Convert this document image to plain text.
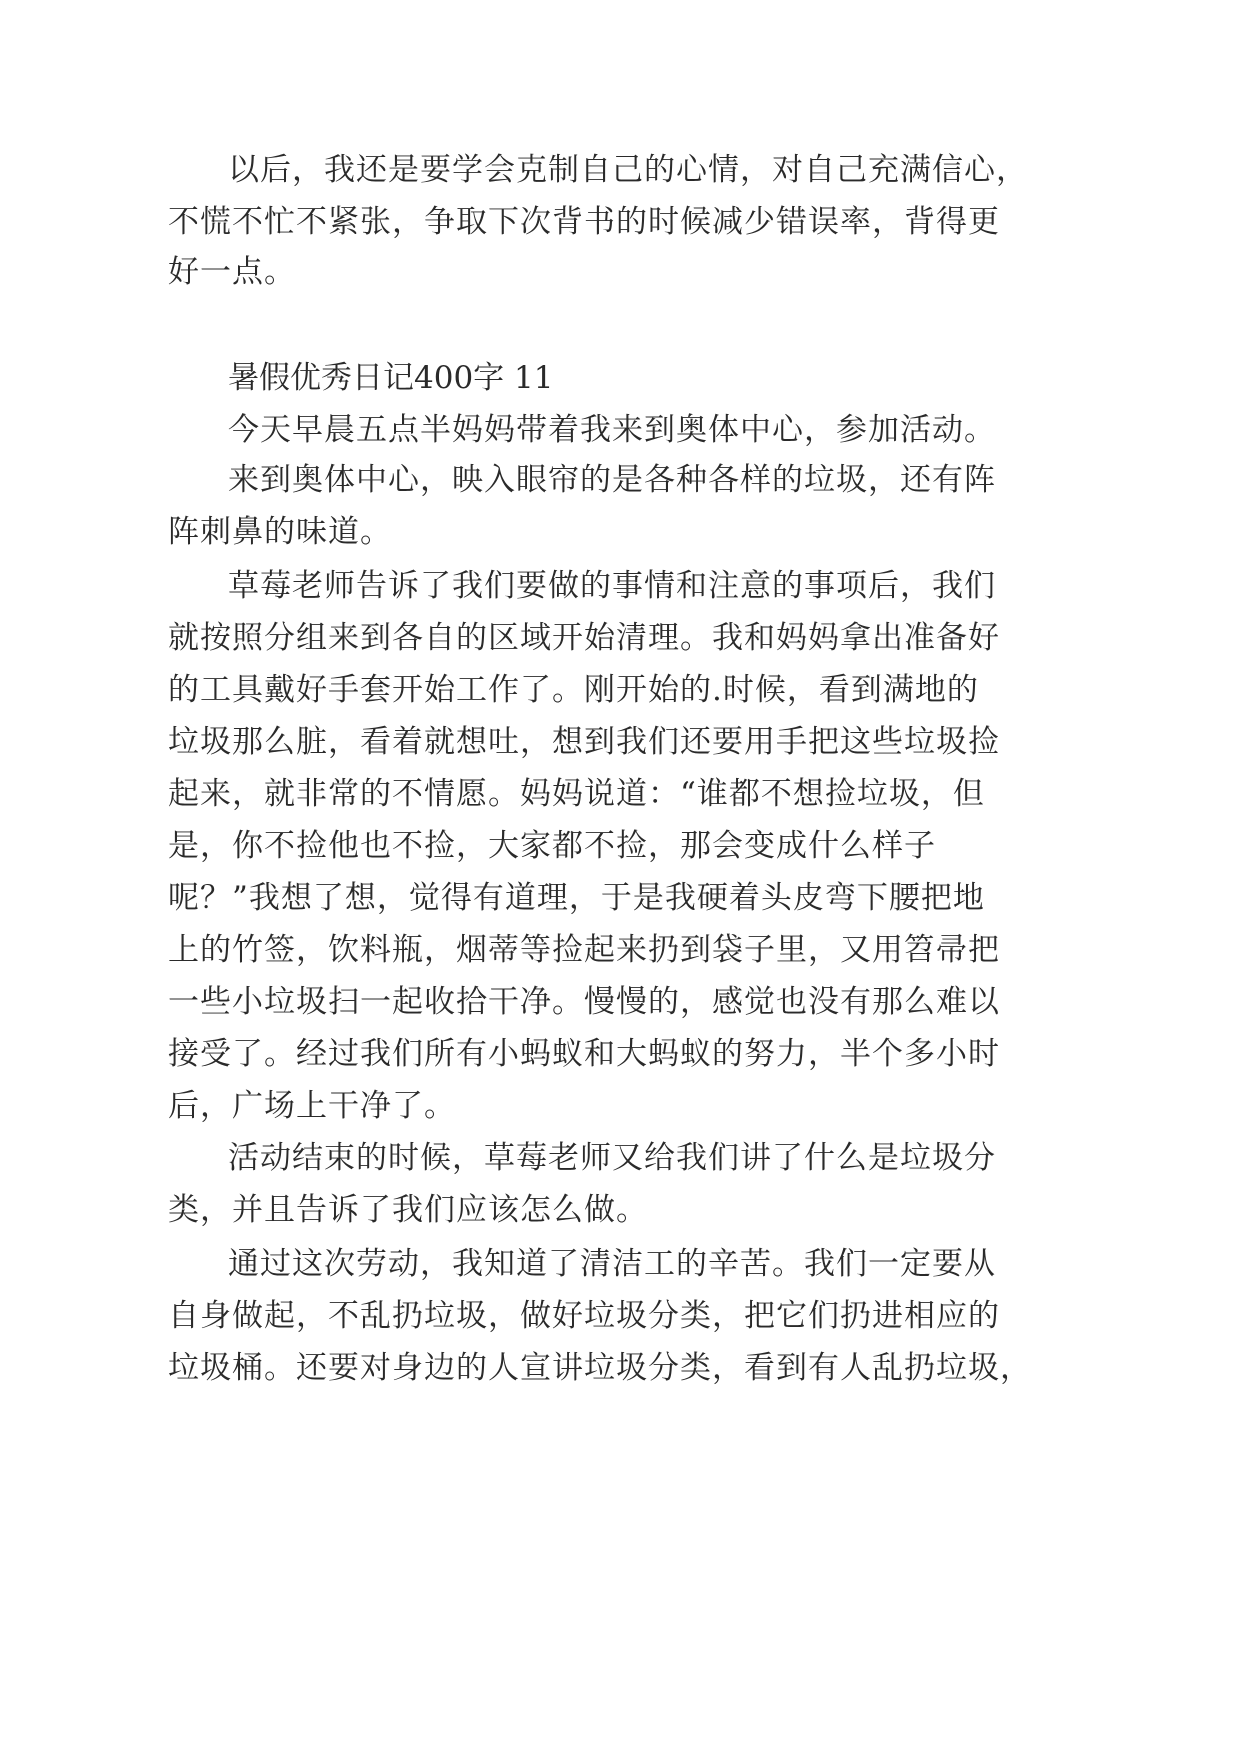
以后，我还是要学会克制自己的心情，对自己充满信心，
不慌不忙不紧张，争取下次背书的时候减少错误率，背得更
好一点。
暑假优秀日记400字 11
今天早晨五点半妈妈带着我来到奥体中心，参加活动。
来到奥体中心，映入眼帘的是各种各样的垃圾，还有阵
阵刺鼻的味道。
草莓老师告诉了我们要做的事情和注意的事项后，我们
就按照分组来到各自的区域开始清理。我和妈妈拿出准备好
的工具戴好手套开始工作了。刚开始的.时候，看到满地的
垃圾那么脏，看着就想吐，想到我们还要用手把这些垃圾捡
起来，就非常的不情愿。妈妈说道：“谁都不想捡垃圾，但
是，你不捡他也不捡，大家都不捡，那会变成什么样子
呢？”我想了想，觉得有道理，于是我硬着头皮弯下腰把地
上的竹签，饮料瓶，烟蒂等捡起来扔到袋子里，又用笤帚把
一些小垃圾扫一起收拾干净。慢慢的，感觉也没有那么难以
接受了。经过我们所有小蚂蚁和大蚂蚁的努力，半个多小时
后，广场上干净了。
活动结束的时候，草莓老师又给我们讲了什么是垃圾分
类，并且告诉了我们应该怎么做。
通过这次劳动，我知道了清洁工的辛苦。我们一定要从
自身做起，不乱扔垃圾，做好垃圾分类，把它们扔进相应的
垃圾桶。还要对身边的人宣讲垃圾分类，看到有人乱扔垃圾，
